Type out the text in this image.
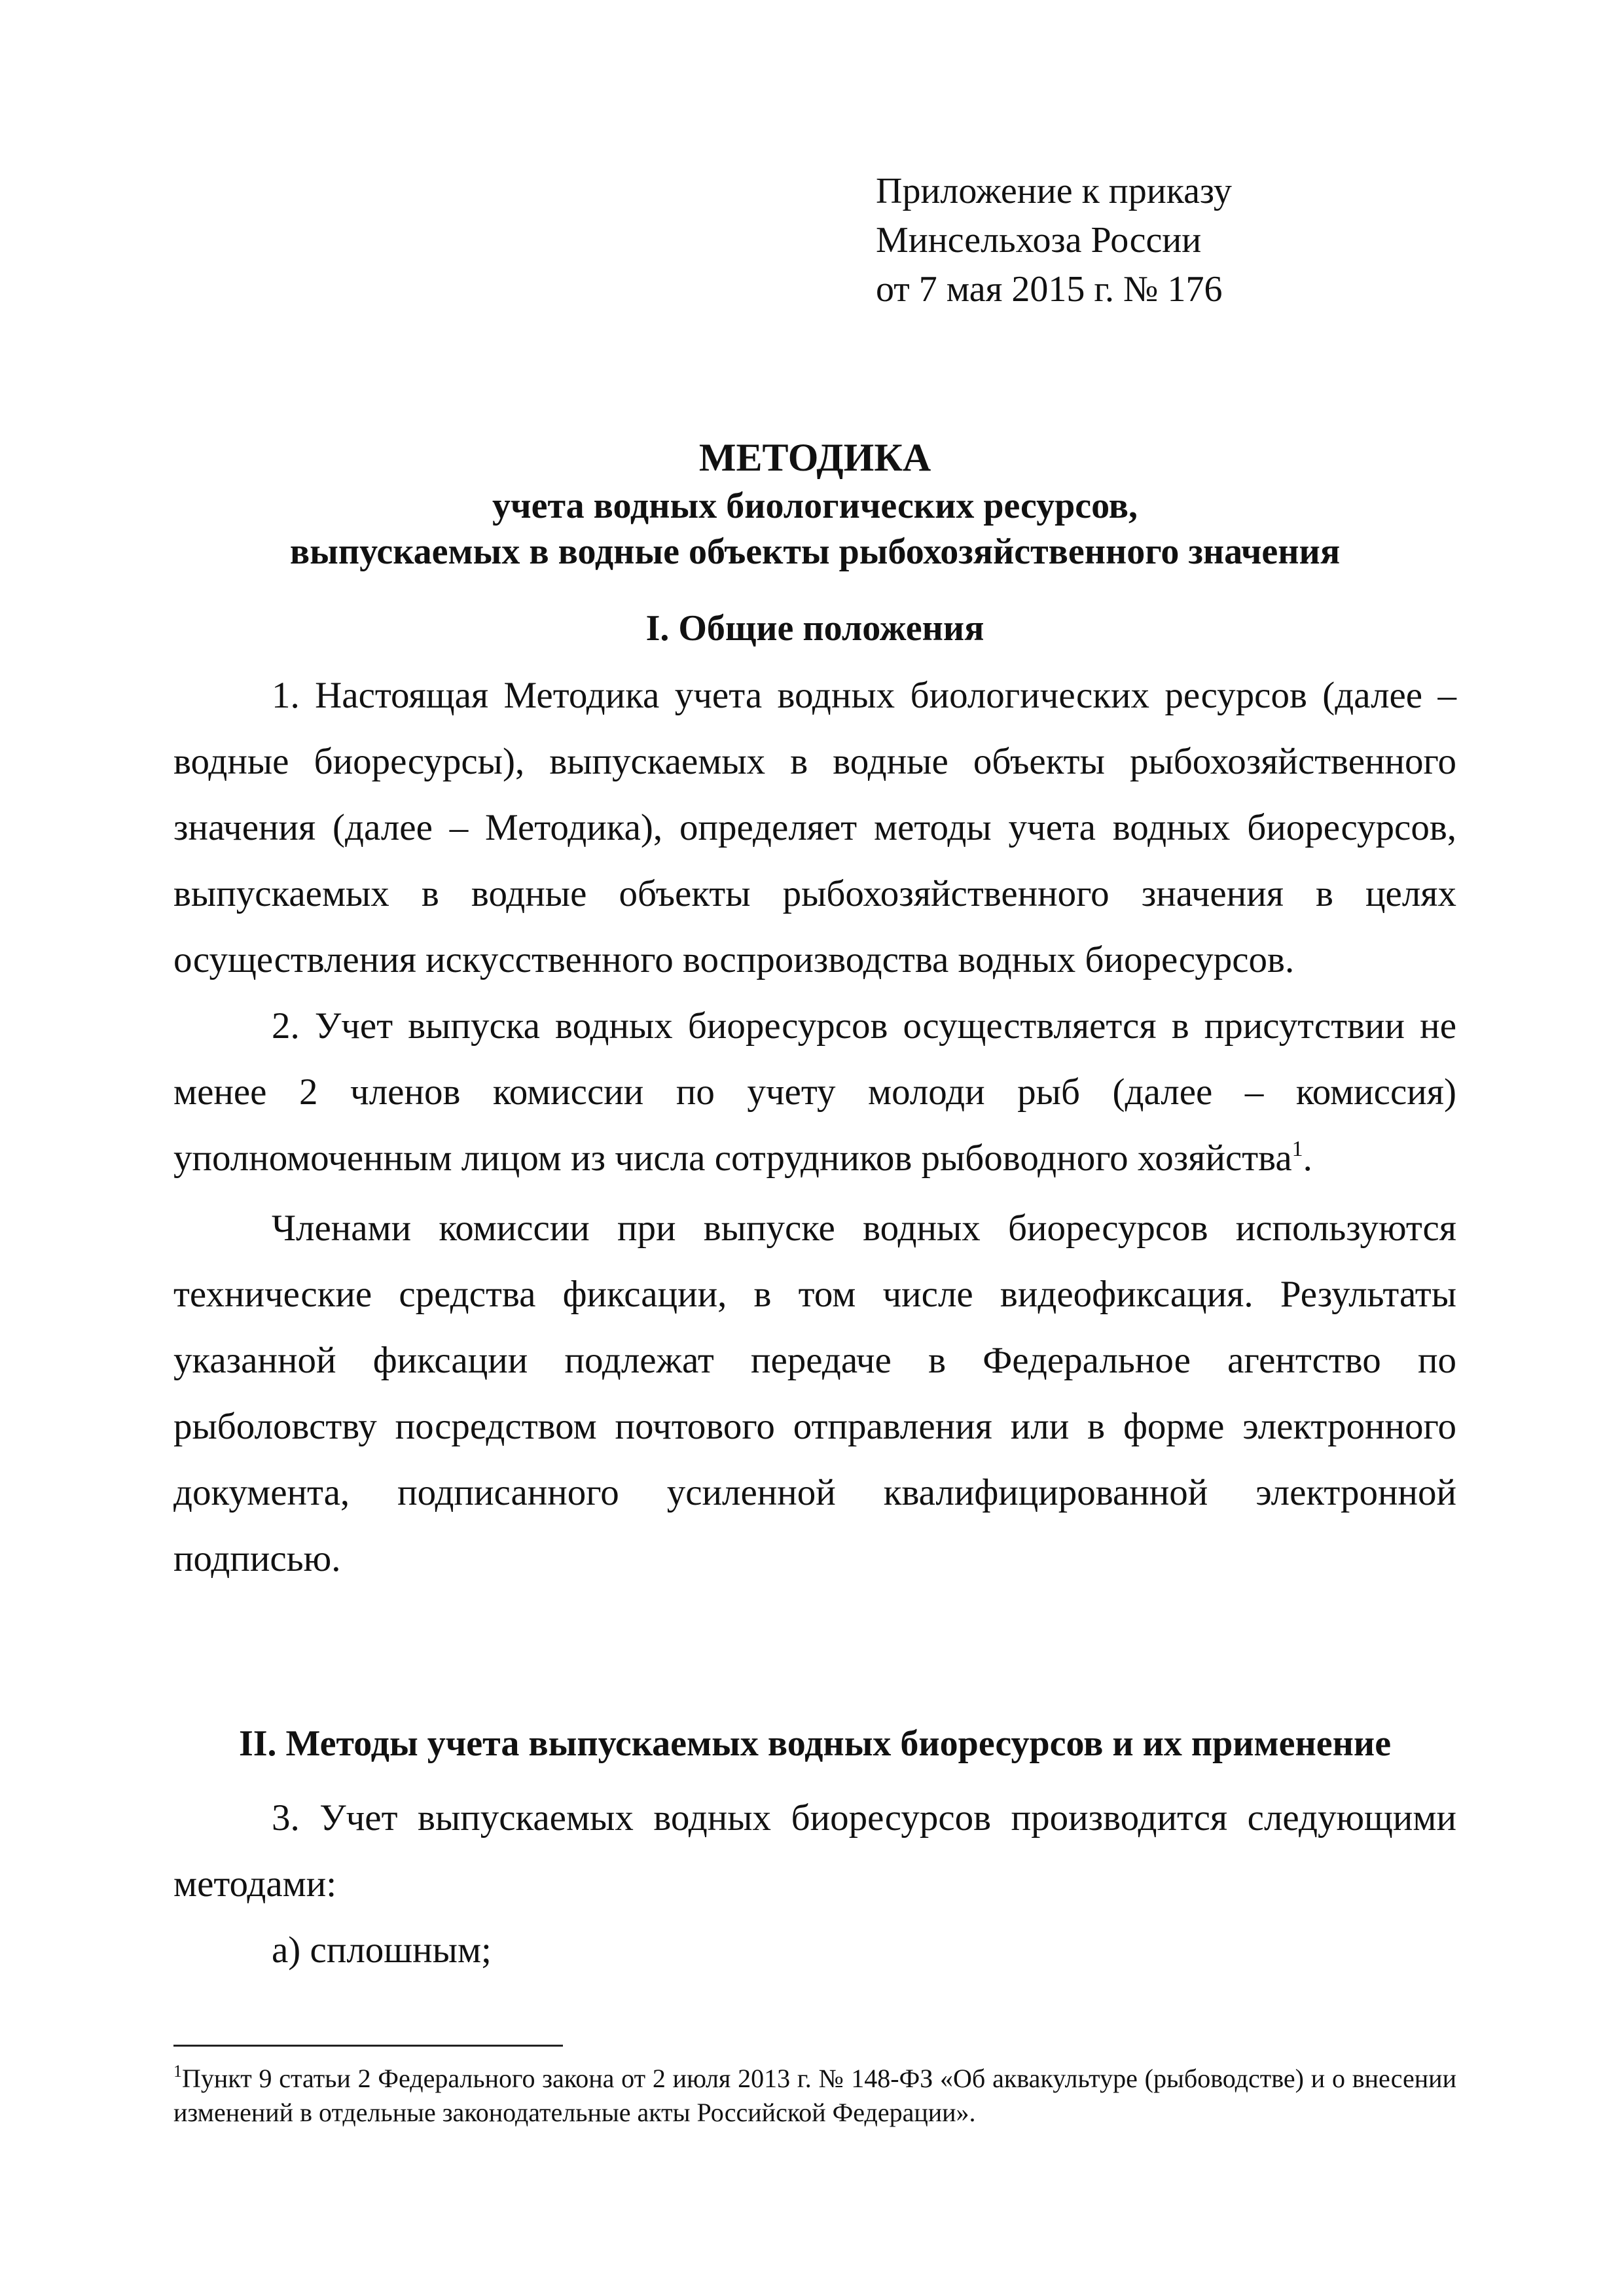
Приложение к приказу
Минсельхоза России
от 7 мая 2015 г. № 176
МЕТОДИКА
учета водных биологических ресурсов,
выпускаемых в водные объекты рыбохозяйственного значения
I. Общие положения

1. Настоящая Методика учета водных биологических ресурсов (далее – водные биоресурсы), выпускаемых в водные объекты рыбохозяйственного значения (далее – Методика), определяет методы учета водных биоресурсов, выпускаемых в водные объекты рыбохозяйственного значения в целях осуществления искусственного воспроизводства водных биоресурсов.

2. Учет выпуска водных биоресурсов осуществляется в присутствии не менее 2 членов комиссии по учету молоди рыб (далее – комиссия) уполномоченным лицом из числа сотрудников рыбоводного хозяйства$^1$.

Членами комиссии при выпуске водных биоресурсов используются технические средства фиксации, в том числе видеофиксация. Результаты указанной фиксации подлежат передаче в Федеральное агентство по рыболовству посредством почтового отправления или в форме электронного документа, подписанного усиленной квалифицированной электронной подписью.

II. Методы учета выпускаемых водных биоресурсов и их применение

3. Учет выпускаемых водных биоресурсов производится следующими методами:

а) сплошным;

$^1$Пункт 9 статьи 2 Федерального закона от 2 июля 2013 г. № 148-ФЗ «Об аквакультуре (рыбоводстве) и о внесении изменений в отдельные законодательные акты Российской Федерации».
